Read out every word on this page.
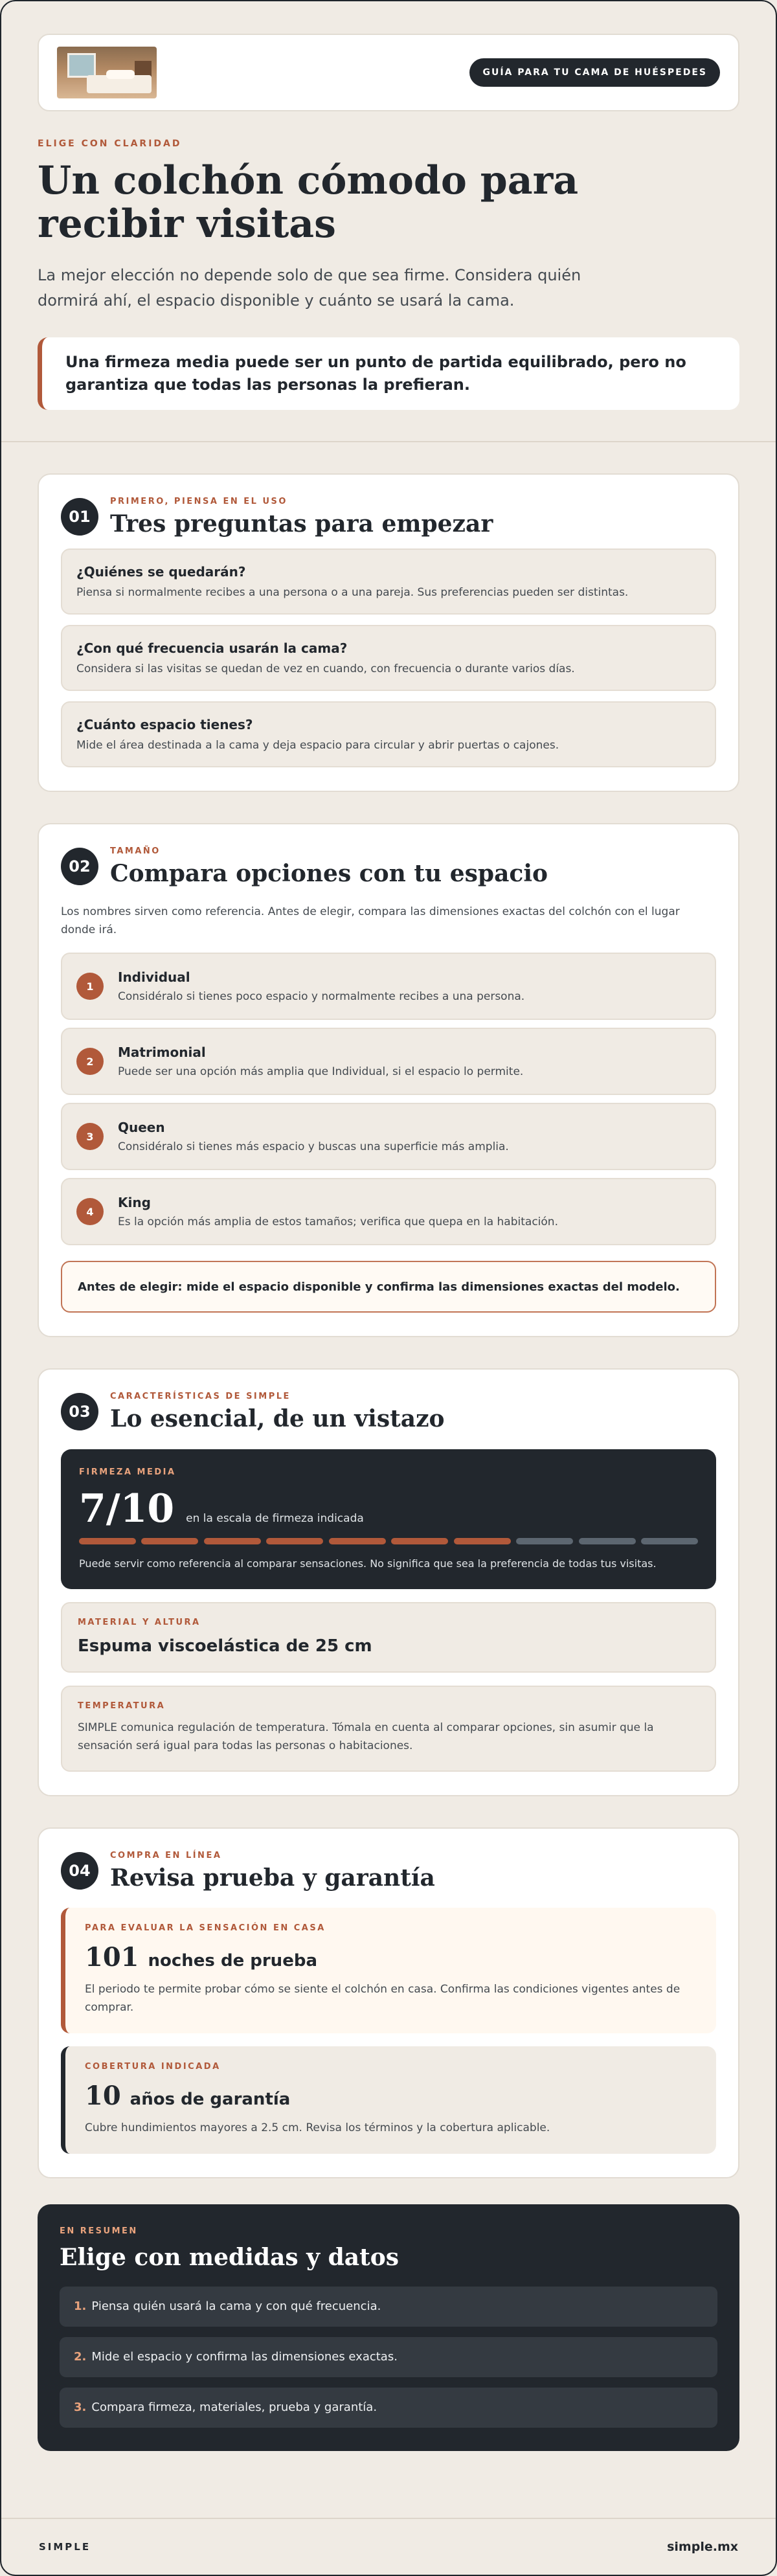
GUÍA PARA TU CAMA DE HUÉSPEDES
ELIGE CON CLARIDAD
Un colchón cómodo para recibir visitas

La mejor elección no depende solo de que sea firme. Considera quién dormirá ahí, el espacio disponible y cuánto se usará la cama.

Una firmeza media puede ser un punto de partida equilibrado, pero no garantiza que todas las personas la prefieran.
01
PRIMERO, PIENSA EN EL USO
Tres preguntas para empezar
¿Quiénes se quedarán?
Piensa si normalmente recibes a una persona o a una pareja. Sus preferencias pueden ser distintas.
¿Con qué frecuencia usarán la cama?
Considera si las visitas se quedan de vez en cuando, con frecuencia o durante varios días.
¿Cuánto espacio tienes?
Mide el área destinada a la cama y deja espacio para circular y abrir puertas o cajones.
02
TAMAÑO
Compara opciones con tu espacio

Los nombres sirven como referencia. Antes de elegir, compara las dimensiones exactas del colchón con el lugar donde irá.

1
Individual
Considéralo si tienes poco espacio y normalmente recibes a una persona.
2
Matrimonial
Puede ser una opción más amplia que Individual, si el espacio lo permite.
3
Queen
Considéralo si tienes más espacio y buscas una superficie más amplia.
4
King
Es la opción más amplia de estos tamaños; verifica que quepa en la habitación.
Antes de elegir: mide el espacio disponible y confirma las dimensiones exactas del modelo.
03
CARACTERÍSTICAS DE SIMPLE
Lo esencial, de un vistazo
FIRMEZA MEDIA
7/10 en la escala de firmeza indicada
Puede servir como referencia al comparar sensaciones. No significa que sea la preferencia de todas tus visitas.
MATERIAL Y ALTURA
Espuma viscoelástica de 25 cm
TEMPERATURA
SIMPLE comunica regulación de temperatura. Tómala en cuenta al comparar opciones, sin asumir que la sensación será igual para todas las personas o habitaciones.
04
COMPRA EN LÍNEA
Revisa prueba y garantía
PARA EVALUAR LA SENSACIÓN EN CASA
101 noches de prueba
El periodo te permite probar cómo se siente el colchón en casa. Confirma las condiciones vigentes antes de comprar.
COBERTURA INDICADA
10 años de garantía
Cubre hundimientos mayores a 2.5 cm. Revisa los términos y la cobertura aplicable.
EN RESUMEN
Elige con medidas y datos
1. Piensa quién usará la cama y con qué frecuencia.
2. Mide el espacio y confirma las dimensiones exactas.
3. Compara firmeza, materiales, prueba y garantía.
SIMPLE	simple.mx
